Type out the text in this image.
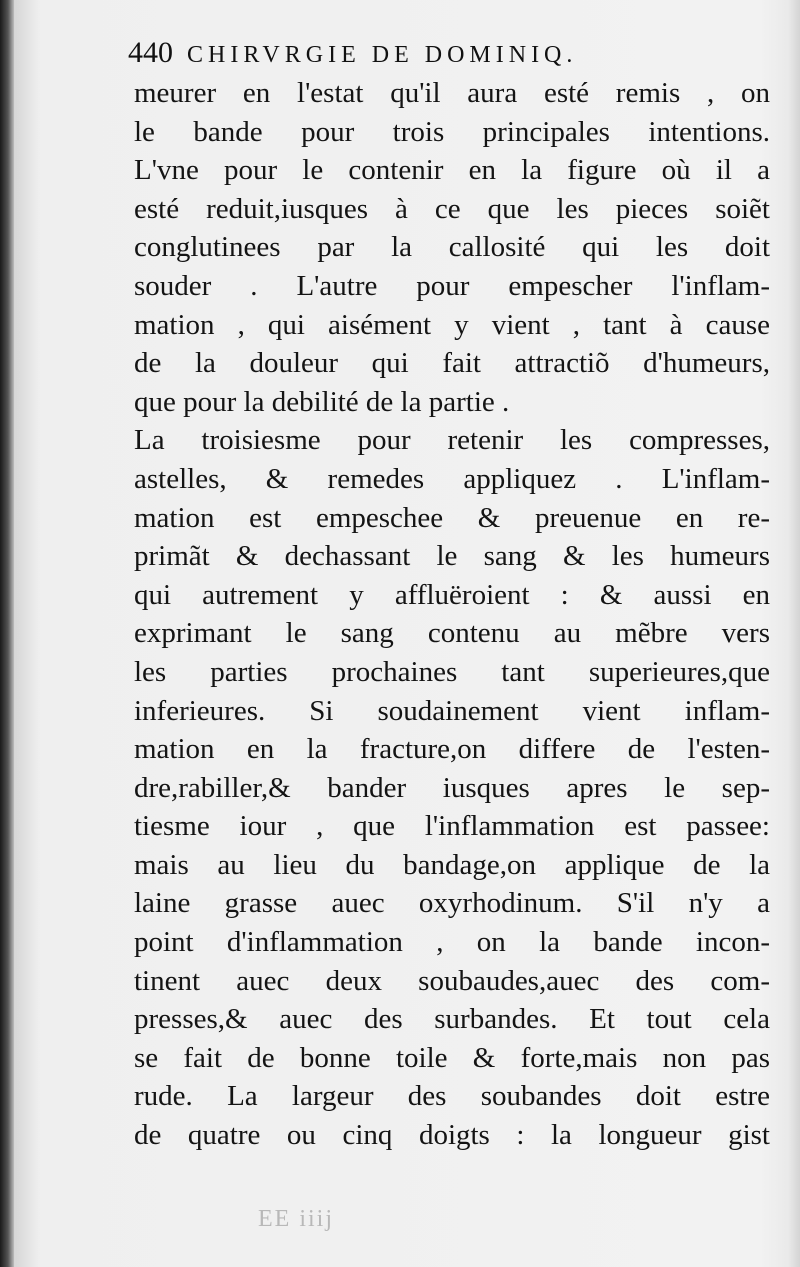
440 CHIRVRGIE DE DOMINIQ.
meurer en l'estat qu'il aura esté remis , on
le bande pour trois principales intentions.
L'vne pour le contenir en la figure où il a
esté reduit,iusques à ce que les pieces soiẽt
conglutinees par la callosité qui les doit
souder . L'autre pour empescher l'inflam-
mation , qui aisément y vient , tant à cause
de la douleur qui fait attractiõ d'humeurs,
que pour la debilité de la partie .
La troisiesme pour retenir les compresses,
astelles, & remedes appliquez . L'inflam-
mation est empeschee & preuenue en re-
primãt & dechassant le sang & les humeurs
qui autrement y affluëroient : & aussi en
exprimant le sang contenu au mẽbre vers
les parties prochaines tant superieures,que
inferieures. Si soudainement vient inflam-
mation en la fracture,on differe de l'esten-
dre,rabiller,& bander iusques apres le sep-
tiesme iour , que l'inflammation est passee:
mais au lieu du bandage,on applique de la
laine grasse auec oxyrhodinum. S'il n'y a
point d'inflammation , on la bande incon-
tinent auec deux soubaudes,auec des com-
presses,& auec des surbandes. Et tout cela
se fait de bonne toile & forte,mais non pas
rude. La largeur des soubandes doit estre
de quatre ou cinq doigts : la longueur gist
EE iiij
